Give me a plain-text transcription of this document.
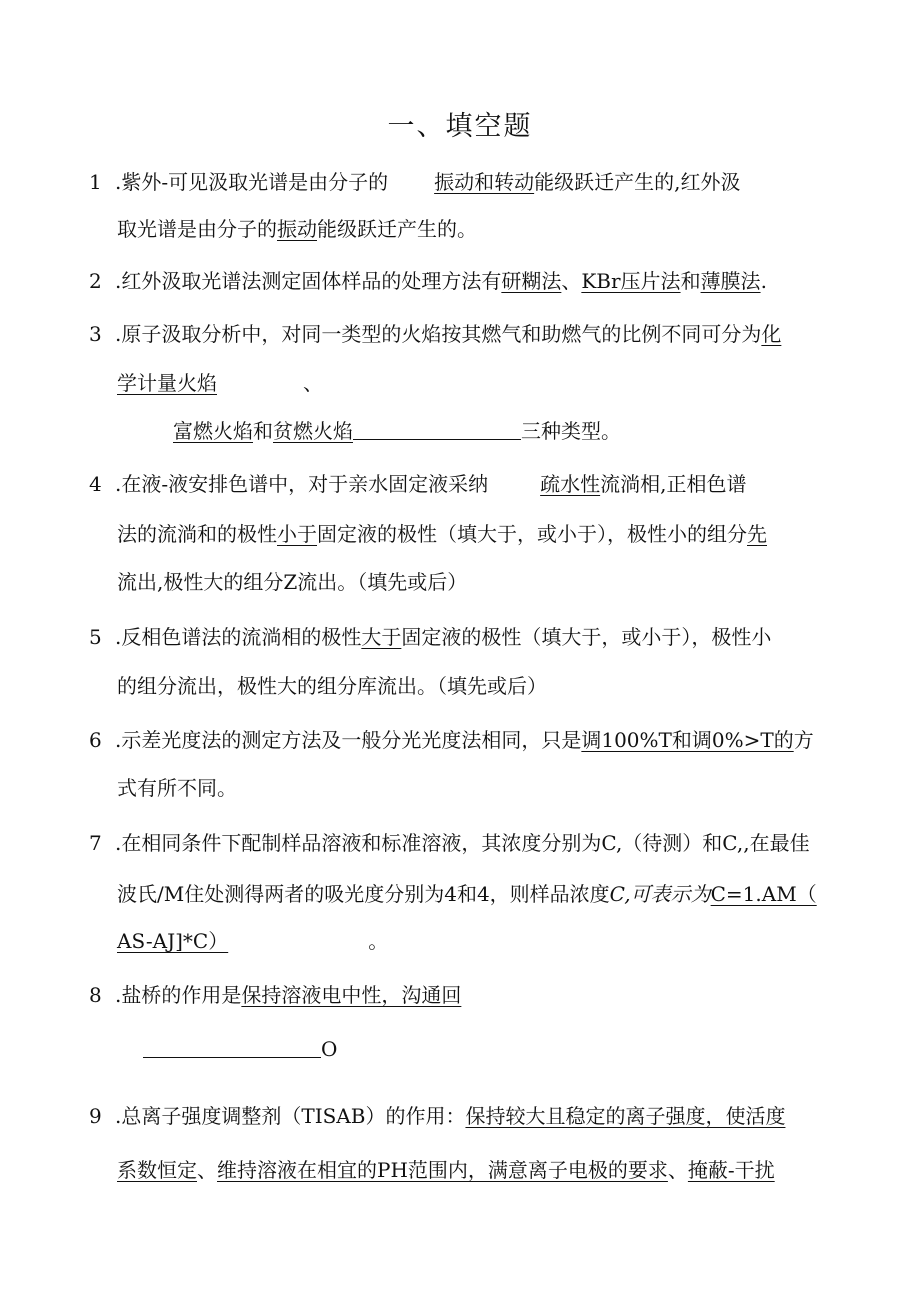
一、填空题
1 .紫外-可见汲取光谱是由分子的 振动和转动能级跃迁产生的,红外汲
取光谱是由分子的振动能级跃迁产生的。
2 .红外汲取光谱法测定固体样品的处理方法有研糊法、KBr压片法和薄膜法.
3 .原子汲取分析中，对同一类型的火焰按其燃气和助燃气的比例不同可分为化
学计量火焰	、
富燃火焰和贫燃火焰	三种类型。
4 .在液-液安排色谱中，对于亲水固定液采纳	疏水性流淌相,正相色谱
法的流淌和的极性小于固定液的极性（填大于，或小于），极性小的组分先
流出,极性大的组分Z流出。（填先或后）
5 .反相色谱法的流淌相的极性大于固定液的极性（填大于，或小于），极性小
的组分流出，极性大的组分库流出。（填先或后）
6 .示差光度法的测定方法及一般分光光度法相同，只是调100%T和调0%>T的方
式有所不同。
7 .在相同条件下配制样品溶液和标准溶液，其浓度分别为C,（待测）和C,,在最佳
波氏/M住处测得两者的吸光度分别为4和4，则样品浓度C,可表示为C=1.AM（
AS-AJ]*C）	。
8 .盐桥的作用是保持溶液电中性，沟通回
O
9 .总离子强度调整剂（TISAB）的作用：保持较大且稳定的离子强度，使活度
系数恒定、维持溶液在相宜的PH范围内，满意离子电极的要求、掩蔽-干扰
